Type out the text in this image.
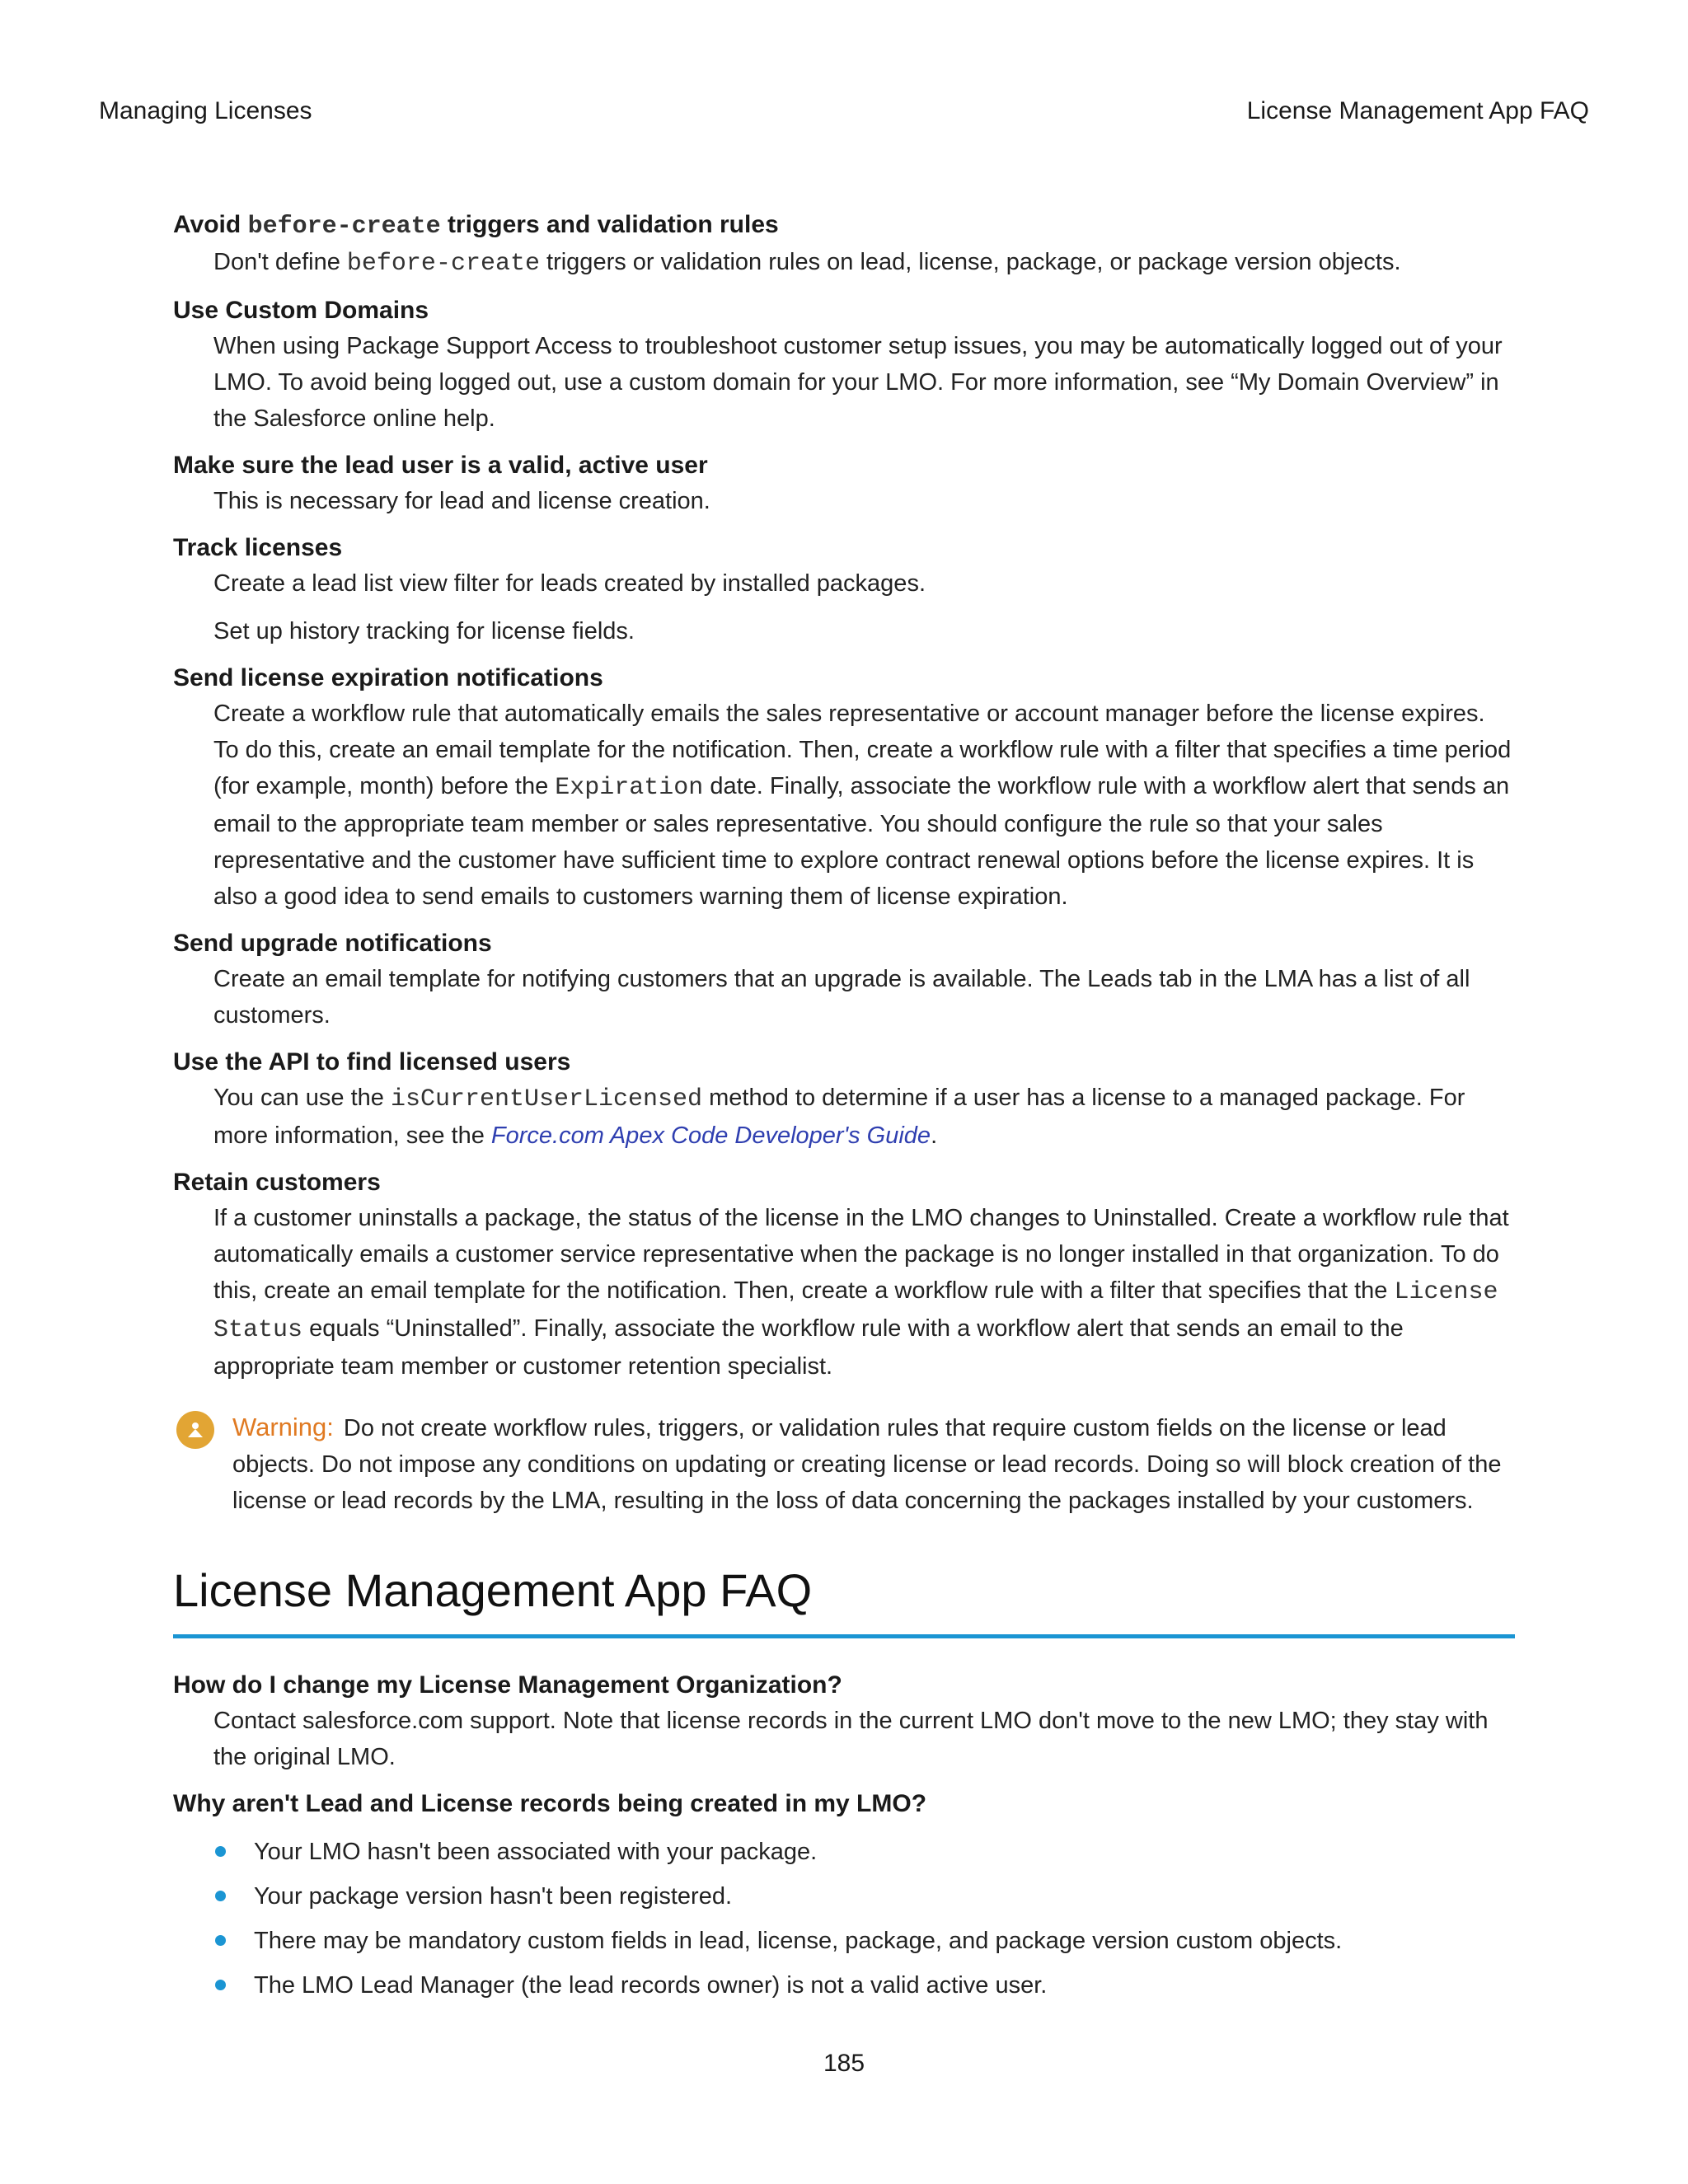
Managing Licenses	License Management App FAQ

Avoid before-create triggers and validation rules

Don't define before-create triggers or validation rules on lead, license, package, or package version objects.

Use Custom Domains

When using Package Support Access to troubleshoot customer setup issues, you may be automatically logged out of your LMO. To avoid being logged out, use a custom domain for your LMO. For more information, see “My Domain Overview” in the Salesforce online help.

Make sure the lead user is a valid, active user

This is necessary for lead and license creation.

Track licenses

Create a lead list view filter for leads created by installed packages.

Set up history tracking for license fields.

Send license expiration notifications

Create a workflow rule that automatically emails the sales representative or account manager before the license expires. To do this, create an email template for the notification. Then, create a workflow rule with a filter that specifies a time period (for example, month) before the Expiration date. Finally, associate the workflow rule with a workflow alert that sends an email to the appropriate team member or sales representative. You should configure the rule so that your sales representative and the customer have sufficient time to explore contract renewal options before the license expires. It is also a good idea to send emails to customers warning them of license expiration.

Send upgrade notifications

Create an email template for notifying customers that an upgrade is available. The Leads tab in the LMA has a list of all customers.

Use the API to find licensed users

You can use the isCurrentUserLicensed method to determine if a user has a license to a managed package. For more information, see the Force.com Apex Code Developer's Guide.

Retain customers

If a customer uninstalls a package, the status of the license in the LMO changes to Uninstalled. Create a workflow rule that automatically emails a customer service representative when the package is no longer installed in that organization. To do this, create an email template for the notification. Then, create a workflow rule with a filter that specifies that the License Status equals “Uninstalled”. Finally, associate the workflow rule with a workflow alert that sends an email to the appropriate team member or customer retention specialist.

Warning: Do not create workflow rules, triggers, or validation rules that require custom fields on the license or lead objects. Do not impose any conditions on updating or creating license or lead records. Doing so will block creation of the license or lead records by the LMA, resulting in the loss of data concerning the packages installed by your customers.
License Management App FAQ

How do I change my License Management Organization?

Contact salesforce.com support. Note that license records in the current LMO don't move to the new LMO; they stay with the original LMO.

Why aren't Lead and License records being created in my LMO?

Your LMO hasn't been associated with your package.
Your package version hasn't been registered.
There may be mandatory custom fields in lead, license, package, and package version custom objects.
The LMO Lead Manager (the lead records owner) is not a valid active user.
185
